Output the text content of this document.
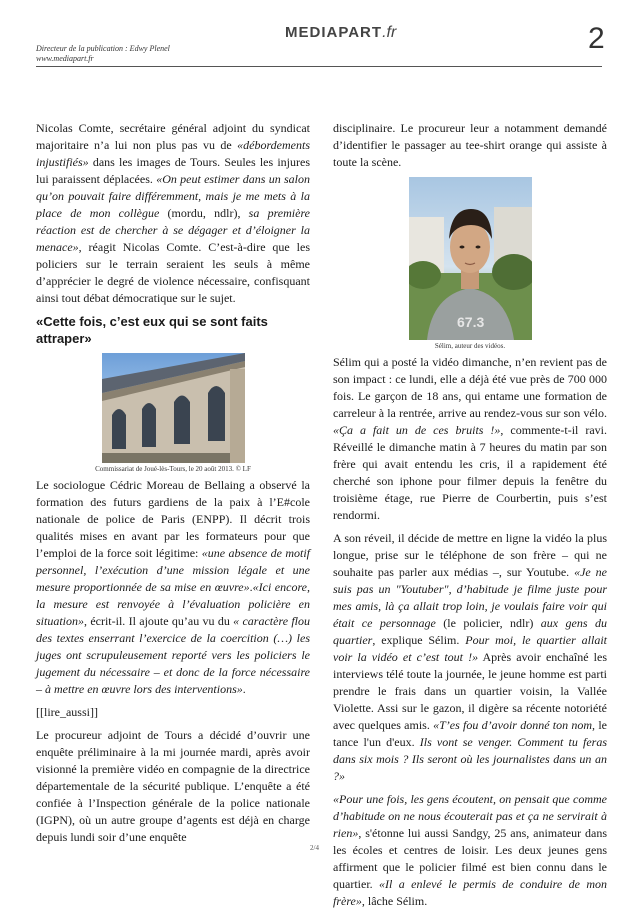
Directeur de la publication : Edwy Plenel
www.mediapart.fr
MEDIAPART.fr	2

Nicolas Comte, secrétaire général adjoint du syndicat majoritaire n’a lui non plus pas vu de «débordements injustifiés» dans les images de Tours. Seules les injures lui paraissent déplacées. «On peut estimer dans un salon qu’on pouvait faire différemment, mais je me mets à la place de mon collègue (mordu, ndlr), sa première réaction est de chercher à se dégager et d’éloigner la menace», réagit Nicolas Comte. C’est-à-dire que les policiers sur le terrain seraient les seuls à même d’apprécier le degré de violence nécessaire, confisquant ainsi tout débat démocratique sur le sujet.

«Cette fois, c’est eux qui se sont faits attraper»
Commissariat de Joué-lès-Tours, le 20 août 2013. © LF

Le sociologue Cédric Moreau de Bellaing a observé la formation des futurs gardiens de la paix à l’E#cole nationale de police de Paris (ENPP). Il décrit trois qualités mises en avant par les formateurs pour que l’emploi de la force soit légitime: «une absence de motif personnel, l’exécution d’une mission légale et une mesure proportionnée de sa mise en œuvre».«Ici encore, la mesure est renvoyée à l’évaluation policière en situation», écrit-il. Il ajoute qu’au vu du « caractère flou des textes enserrant l’exercice de la coercition (…) les juges ont scrupuleusement reporté vers les policiers le jugement du nécessaire – et donc de la force nécessaire – à mettre en œuvre lors des interventions».

[[lire_aussi]]

Le procureur adjoint de Tours a décidé d’ouvrir une enquête préliminaire à la mi journée mardi, après avoir visionné la première vidéo en compagnie de la directrice départementale de la sécurité publique. L’enquête a été confiée à l’Inspection générale de la police nationale (IGPN), où un autre groupe d’agents est déjà en charge depuis lundi soir d’une enquête

disciplinaire. Le procureur leur a notamment demandé d’identifier le passager au tee-shirt orange qui assiste à toute la scène.

67.3
Sélim, auteur des vidéos.

Sélim qui a posté la vidéo dimanche, n’en revient pas de son impact : ce lundi, elle a déjà été vue près de 700 000 fois. Le garçon de 18 ans, qui entame une formation de carreleur à la rentrée, arrive au rendez-vous sur son vélo. «Ça a fait un de ces bruits !», commente-t-il ravi. Réveillé le dimanche matin à 7 heures du matin par son frère qui avait entendu les cris, il a rapidement été cherché son iphone pour filmer depuis la fenêtre du troisième étage, rue Pierre de Courbertin, puis s’est rendormi.

A son réveil, il décide de mettre en ligne la vidéo la plus longue, prise sur le téléphone de son frère – qui ne souhaite pas parler aux médias –, sur Youtube. «Je ne suis pas un "Youtuber", d’habitude je filme juste pour mes amis, là ça allait trop loin, je voulais faire voir qui était ce personnage (le policier, ndlr) aux gens du quartier, explique Sélim. Pour moi, le quartier allait voir la vidéo et c’est tout !» Après avoir enchaîné les interviews télé toute la journée, le jeune homme est parti prendre le frais dans un quartier voisin, la Vallée Violette. Assi sur le gazon, il digère sa récente notoriété avec quelques amis. «T’es fou d’avoir donné ton nom, le tance l'un d'eux. Ils vont se venger. Comment tu feras dans six mois ? Ils seront où les journalistes dans un an ?»

«Pour une fois, les gens écoutent, on pensait que comme d’habitude on ne nous écouterait pas et ça ne servirait à rien», s'étonne lui aussi Sandgy, 25 ans, animateur dans les écoles et centres de loisir. Les deux jeunes gens affirment que le policier filmé est bien connu dans le quartier. «Il a enlevé le permis de conduire de mon frère», lâche Sélim.

2/4
